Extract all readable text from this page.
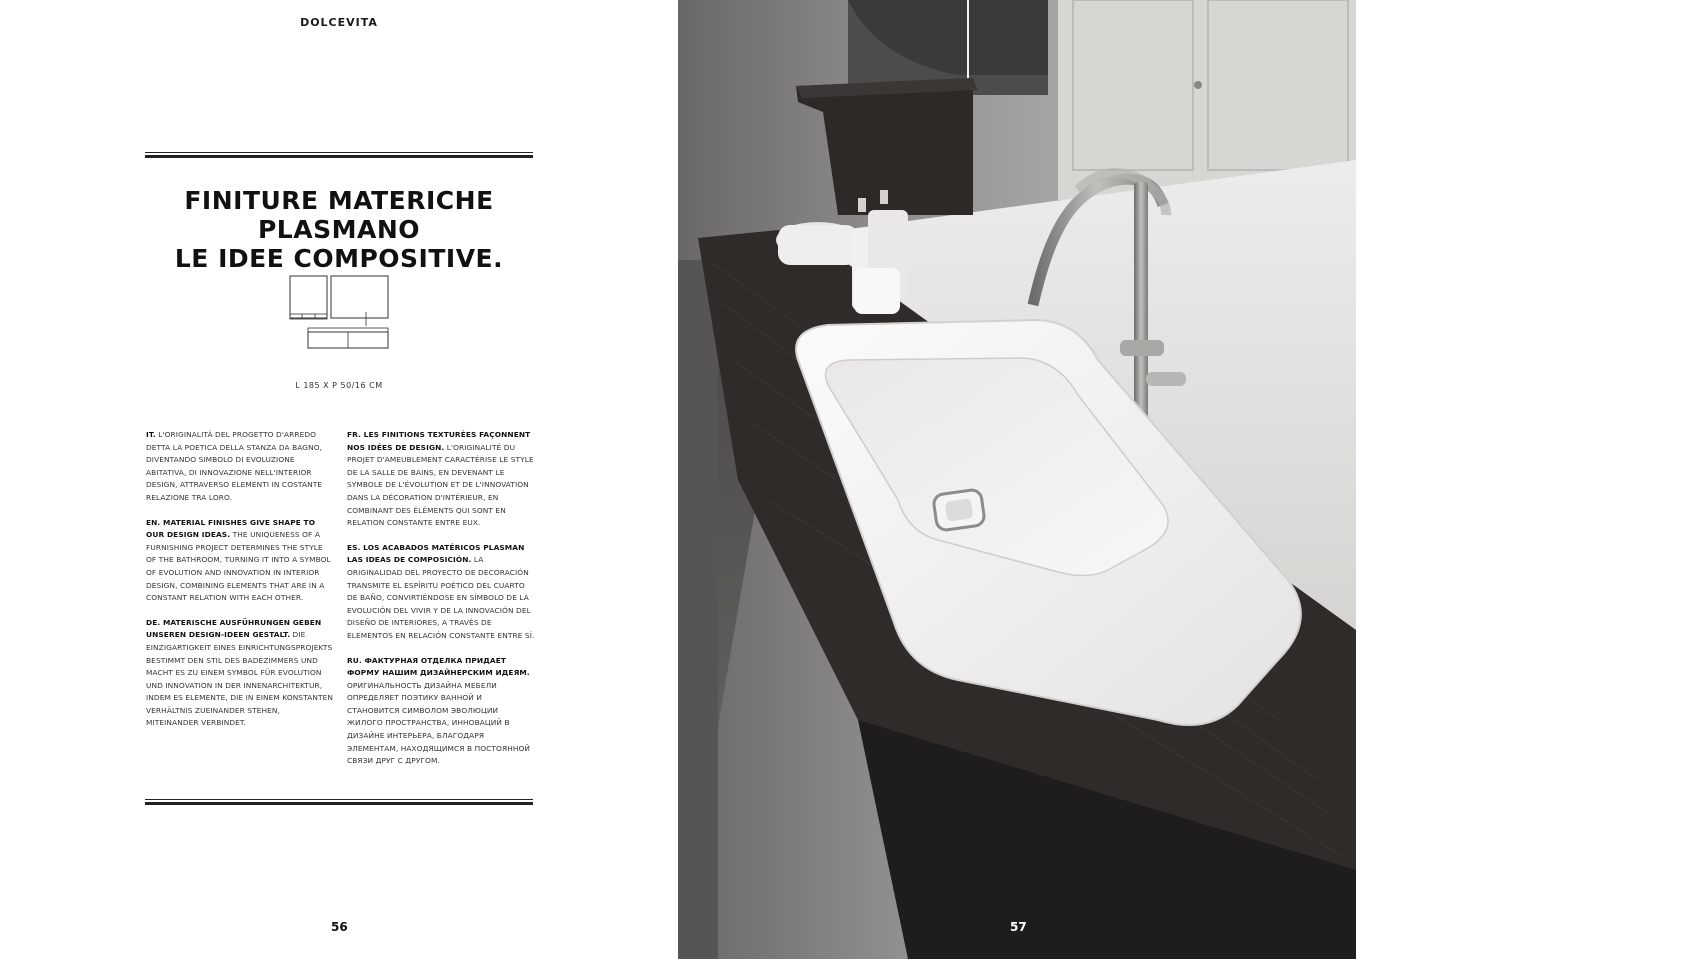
DOLCEVITA
FINITURE MATERICHE PLASMANO
LE IDEE COMPOSITIVE.
L 185 X P 50/16 CM

IT. L'ORIGINALITÀ DEL PROGETTO D'ARREDO DETTA LA POETICA DELLA STANZA DA BAGNO, DIVENTANDO SIMBOLO DI EVOLUZIONE ABITATIVA, DI INNOVAZIONE NELL'INTERIOR DESIGN, ATTRAVERSO ELEMENTI IN COSTANTE RELAZIONE TRA LORO.

EN. MATERIAL FINISHES GIVE SHAPE TO OUR DESIGN IDEAS. THE UNIQUENESS OF A FURNISHING PROJECT DETERMINES THE STYLE OF THE BATHROOM, TURNING IT INTO A SYMBOL OF EVOLUTION AND INNOVATION IN INTERIOR DESIGN, COMBINING ELEMENTS THAT ARE IN A CONSTANT RELATION WITH EACH OTHER.

DE. MATERISCHE AUSFÜHRUNGEN GEBEN UNSEREN DESIGN-IDEEN GESTALT. DIE EINZIGARTIGKEIT EINES EINRICHTUNGSPROJEKTS BESTIMMT DEN STIL DES BADEZIMMERS UND MACHT ES ZU EINEM SYMBOL FÜR EVOLUTION UND INNOVATION IN DER INNENARCHITEKTUR, INDEM ES ELEMENTE, DIE IN EINEM KONSTANTEN VERHÄLTNIS ZUEINANDER STEHEN, MITEINANDER VERBINDET.

FR. LES FINITIONS TEXTURÉES FAÇONNENT NOS IDÉES DE DESIGN. L'ORIGINALITÉ DU PROJET D'AMEUBLEMENT CARACTÉRISE LE STYLE DE LA SALLE DE BAINS, EN DEVENANT LE SYMBOLE DE L'ÉVOLUTION ET DE L'INNOVATION DANS LA DÉCORATION D'INTÉRIEUR, EN COMBINANT DES ÉLÉMENTS QUI SONT EN RELATION CONSTANTE ENTRE EUX.

ES. LOS ACABADOS MATÉRICOS PLASMAN LAS IDEAS DE COMPOSICIÓN. LA ORIGINALIDAD DEL PROYECTO DE DECORACIÓN TRANSMITE EL ESPÍRITU POÉTICO DEL CUARTO DE BAÑO, CONVIRTIÉNDOSE EN SÍMBOLO DE LA EVOLUCIÓN DEL VIVIR Y DE LA INNOVACIÓN DEL DISEÑO DE INTERIORES, A TRAVÉS DE ELEMENTOS EN RELACIÓN CONSTANTE ENTRE SÍ.

RU. ФАКТУРНАЯ ОТДЕЛКА ПРИДАЕТ ФОРМУ НАШИМ ДИЗАЙНЕРСКИМ ИДЕЯМ. ОРИГИНАЛЬНОСТЬ ДИЗАЙНА МЕБЕЛИ ОПРЕДЕЛЯЕТ ПОЭТИКУ ВАННОЙ И СТАНОВИТСЯ СИМВОЛОМ ЭВОЛЮЦИИ ЖИЛОГО ПРОСТРАНСТВА, ИННОВАЦИЙ В ДИЗАЙНЕ ИНТЕРЬЕРА, БЛАГОДАРЯ ЭЛЕМЕНТАМ, НАХОДЯЩИМСЯ В ПОСТОЯННОЙ СВЯЗИ ДРУГ С ДРУГОМ.

56
08
57
